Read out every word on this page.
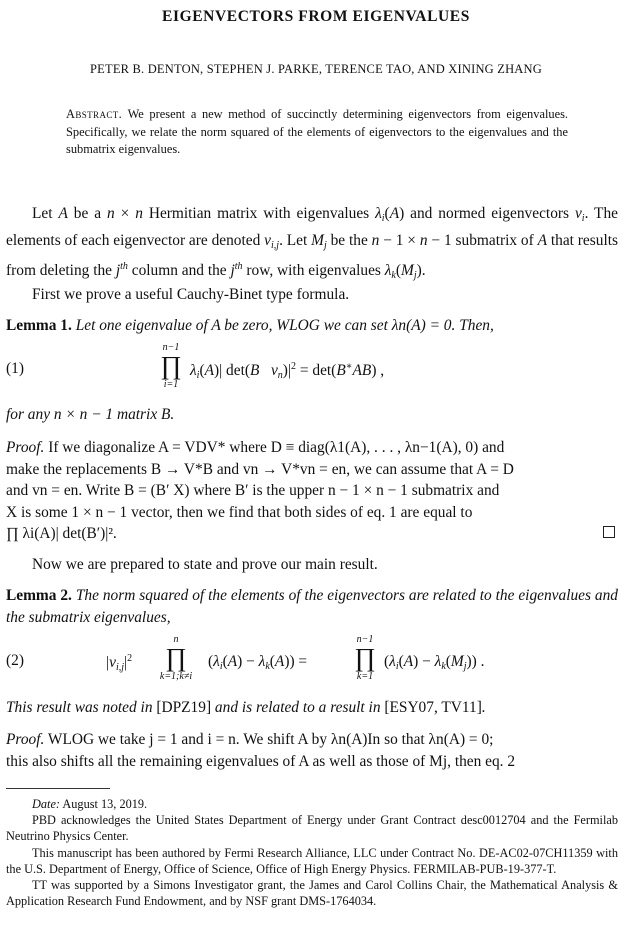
EIGENVECTORS FROM EIGENVALUES
PETER B. DENTON, STEPHEN J. PARKE, TERENCE TAO, AND XINING ZHANG
Abstract. We present a new method of succinctly determining eigenvectors from eigenvalues. Specifically, we relate the norm squared of the elements of eigenvectors to the eigenvalues and the submatrix eigenvalues.
Let A be a n × n Hermitian matrix with eigenvalues $\lambda_i(A)$ and normed eigenvectors $v_i$. The elements of each eigenvector are denoted $v_{i,j}$. Let $M_j$ be the n − 1 × n − 1 submatrix of A that results from deleting the $j^{th}$ column and the $j^{th}$ row, with eigenvalues $\lambda_k(M_j)$.
First we prove a useful Cauchy-Binet type formula.
Lemma 1. Let one eigenvalue of A be zero, WLOG we can set λn(A) = 0. Then,
(1)
n−1
∏
i=1
$\lambda_i(A)|$ det(B $v_n)|^2 = \det(B^∗AB)$ ,
for any n × n − 1 matrix B.
Proof. If we diagonalize A = VDV* where D ≡ diag(λ1(A), . . . , λn−1(A), 0) and
make the replacements B → V*B and vn → V*vn = en, we can assume that A = D
and vn = en. Write B = (B′ X) where B′ is the upper n − 1 × n − 1 submatrix and
X is some 1 × n − 1 vector, then we find that both sides of eq. 1 are equal to
∏ λi(A)| det(B′)|².
Now we are prepared to state and prove our main result.
Lemma 2. The norm squared of the elements of the eigenvectors are related to the eigenvalues and the submatrix eigenvalues,
(2)	$|v_{i,j}|^2$
n
∏
k=1;k≠i
$(\lambda_i(A) - \lambda_k(A))$ =
n−1
∏
k=1
$(\lambda_i(A) - \lambda_k(M_j))$ .
This result was noted in [DPZ19] and is related to a result in [ESY07, TV11].
Proof. WLOG we take j = 1 and i = n. We shift A by λn(A)In so that λn(A) = 0;
this also shifts all the remaining eigenvalues of A as well as those of Mj, then eq. 2
Date: August 13, 2019.
PBD acknowledges the United States Department of Energy under Grant Contract desc0012704 and the Fermilab Neutrino Physics Center.
This manuscript has been authored by Fermi Research Alliance, LLC under Contract No. DE-AC02-07CH11359 with the U.S. Department of Energy, Office of Science, Office of High Energy Physics. FERMILAB-PUB-19-377-T.
TT was supported by a Simons Investigator grant, the James and Carol Collins Chair, the Mathematical Analysis & Application Research Fund Endowment, and by NSF grant DMS-1764034.
